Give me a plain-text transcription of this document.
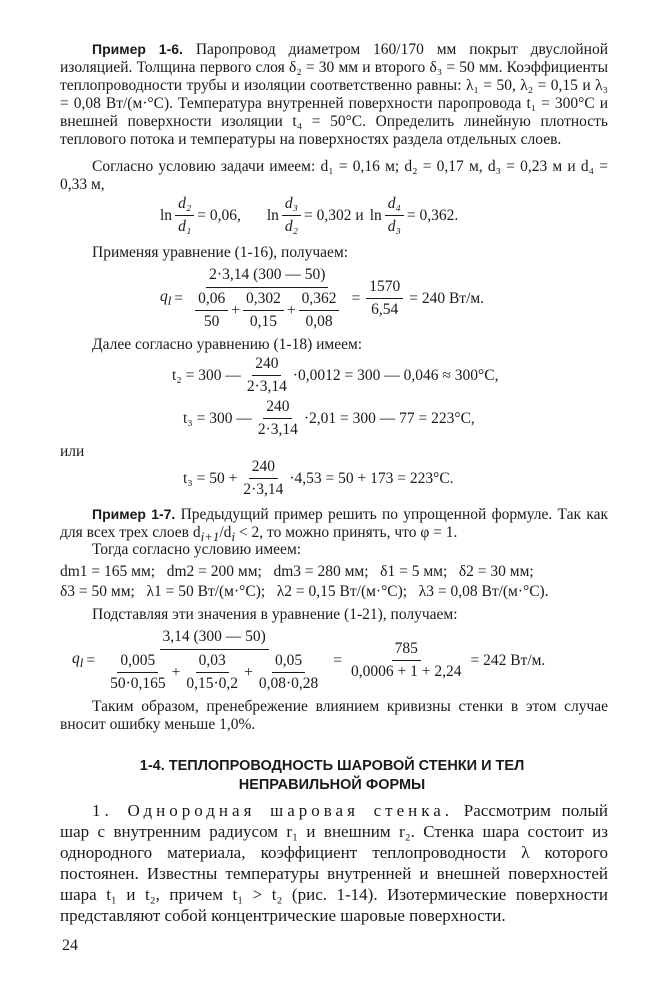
Пример 1-6. Паропровод диаметром 160/170 мм покрыт двуслойной изоляцией. Толщина первого слоя δ₂ = 30 мм и второго δ₃ = 50 мм. Коэффициенты теплопроводности трубы и изоляции соответственно равны: λ₁ = 50, λ₂ = 0,15 и λ₃ = 0,08 Вт/(м·°С). Температура внутренней поверхности паропровода t₁ = 300°С и внешней поверхности изоляции t₄ = 50°С. Определить линейную плотность теплового потока и температуры на поверхностях раздела отдельных слоев.
Согласно условию задачи имеем: d₁ = 0,16 м; d₂ = 0,17 м, d₃ = 0,23 м и d₄ = 0,33 м,
$\ln \frac{\text{d₂}}{\text{d₁}} = 0,06$, $\ln \frac{\text{d₃}}{\text{d₂}} = 0,302$ и $\ln \frac{\text{d₄}}{\text{d₃}} = 0,362$.
Применяя уравнение (1-16), получаем:
$q_l$ =
2·3,14 (300 — 50)
$\frac{0,06}{50} + \frac{0,302}{0,15} + \frac{0,362}{0,08} = \frac{1570}{6,54} = 240$ Вт/м.
Далее согласно уравнению (1-18) имеем:
t₂ = 300 — $\frac{240}{2\cdot 3,14} \cdot 0,0012 = 300$ — 0,046 ≈ 300°С,
t₃ = 300 — $\frac{240}{2\cdot 3,14} \cdot 2,01 = 300$ — 77 = 223°С,
или
$t_3 = 50 + \frac{240}{2\cdot 3,14} \cdot 4,53 = 50 + 173 = 223^\circ С$.
Пример 1-7. Предыдущий пример решить по упрощенной формуле. Так как для всех трех слоев $d_{i+1}/d_i < 2$, то можно принять, что φ = 1.
Тогда согласно условию имеем:
dm1 = 165 мм;   dm2 = 200 мм;   dm3 = 280 мм;   δ1 = 5 мм;   δ2 = 30 мм;
δ3 = 50 мм;   λ1 = 50 Вт/(м·°С);   λ2 = 0,15 Вт/(м·°С);   λ3 = 0,08 Вт/(м·°С).
Подставляя эти значения в уравнение (1-21), получаем:
$q_l$ =
3,14 (300 — 50)
$\frac{0,005}{50\cdot 0,165} + \frac{0,03}{0,15\cdot 0,2} + \frac{0,05}{0,08\cdot 0,28} = \frac{785}{0,0006 + 1 + 2,24} = 242$ Вт/м.
Таким образом, пренебрежение влиянием кривизны стенки в этом случае вносит ошибку меньше 1,0%.
1-4. ТЕПЛОПРОВОДНОСТЬ ШАРОВОЙ СТЕНКИ И ТЕЛ
НЕПРАВИЛЬНОЙ ФОРМЫ
1. Однородная шаровая стенка. Рассмотрим полый шар с внутренним радиусом r₁ и внешним r₂. Стенка шара состоит из однородного материала, коэффициент теплопроводности λ которого постоянен. Известны температуры внутренней и внешней поверхностей шара t₁ и t₂, причем t₁ > t₂ (рис. 1-14). Изотермические поверхности представляют собой концентрические шаровые поверхности.
24
